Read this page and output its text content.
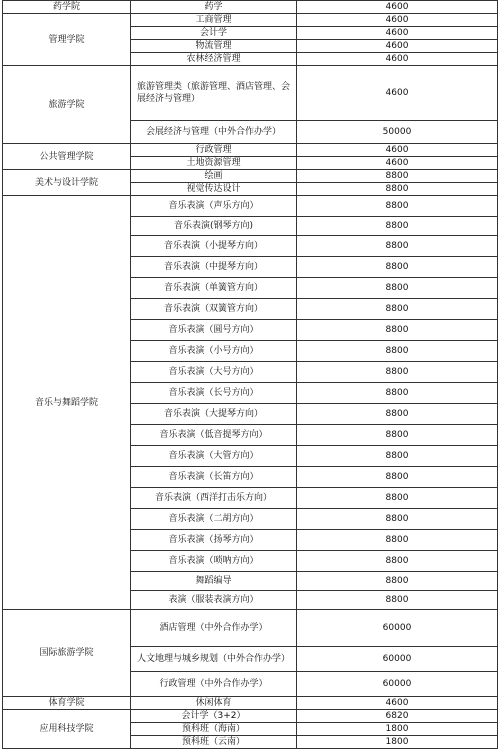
药学院	药学	4600
管理学院	工商管理	4600
	会计学	4600
	物流管理	4600
	农林经济管理	4600
旅游学院	旅游管理类（旅游管理、酒店管理、会展经济与管理）	4600
	会展经济与管理（中外合作办学）	50000
公共管理学院	行政管理	4600
	土地资源管理	4600
美术与设计学院	绘画	8800
	视觉传达设计	8800
音乐与舞蹈学院	音乐表演（声乐方向）	8800
	音乐表演(钢琴方向)	8800
	音乐表演（小提琴方向）	8800
	音乐表演（中提琴方向）	8800
	音乐表演（单簧管方向）	8800
	音乐表演（双簧管方向）	8800
	音乐表演（圆号方向）	8800
	音乐表演（小号方向）	8800
	音乐表演（大号方向）	8800
	音乐表演（长号方向）	8800
	音乐表演（大提琴方向）	8800
	音乐表演（低音提琴方向）	8800
	音乐表演（大管方向）	8800
	音乐表演（长笛方向）	8800
	音乐表演（西洋打击乐方向）	8800
	音乐表演（二胡方向）	8800
	音乐表演（扬琴方向）	8800
	音乐表演（唢呐方向）	8800
	舞蹈编导	8800
	表演（服装表演方向）	8800
国际旅游学院	酒店管理（中外合作办学）	60000
	人文地理与城乡规划（中外合作办学）	60000
	行政管理（中外合作办学）	60000
体育学院	休闲体育	4600
应用科技学院	会计学（3+2）	6820
	预科班（海南）	1800
	预科班（云南）	1800
